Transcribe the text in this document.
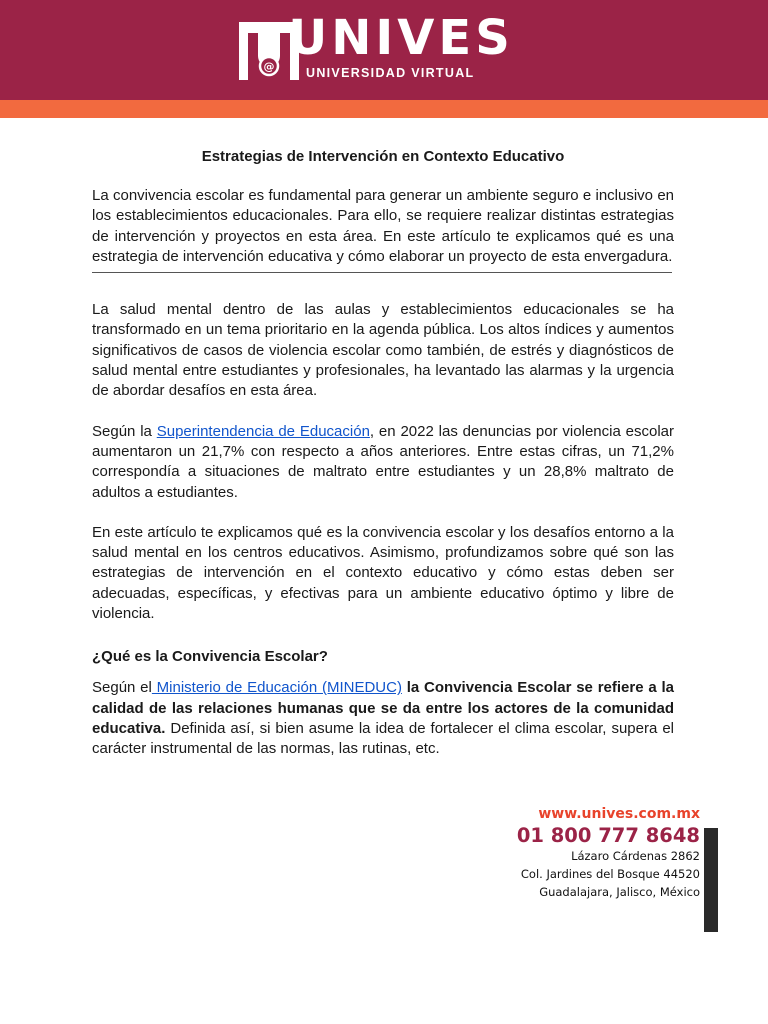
@
UNIVES
UNIVERSIDAD VIRTUAL
Estrategias de Intervención en Contexto Educativo

La convivencia escolar es fundamental para generar un ambiente seguro e inclusivo en los establecimientos educacionales. Para ello, se requiere realizar distintas estrategias de intervención y proyectos en esta área. En este artículo te explicamos qué es una estrategia de intervención educativa y cómo elaborar un proyecto de esta envergadura.

La salud mental dentro de las aulas y establecimientos educacionales se ha transformado en un tema prioritario en la agenda pública. Los altos índices y aumentos significativos de casos de violencia escolar como también, de estrés y diagnósticos de salud mental entre estudiantes y profesionales, ha levantado las alarmas y la urgencia de abordar desafíos en esta área.

Según la Superintendencia de Educación, en 2022 las denuncias por violencia escolar aumentaron un 21,7% con respecto a años anteriores. Entre estas cifras, un 71,2% correspondía a situaciones de maltrato entre estudiantes y un 28,8% maltrato de adultos a estudiantes.

En este artículo te explicamos qué es la convivencia escolar y los desafíos entorno a la salud mental en los centros educativos. Asimismo, profundizamos sobre qué son las estrategias de intervención en el contexto educativo y cómo estas deben ser adecuadas, específicas, y efectivas para un ambiente educativo óptimo y libre de violencia.

¿Qué es la Convivencia Escolar?

Según el Ministerio de Educación (MINEDUC) la Convivencia Escolar se refiere a la calidad de las relaciones humanas que se da entre los actores de la comunidad educativa. Definida así, si bien asume la idea de fortalecer el clima escolar, supera el carácter instrumental de las normas, las rutinas, etc.

www.unives.com.mx
01 800 777 8648
Lázaro Cárdenas 2862
Col. Jardines del Bosque 44520
Guadalajara, Jalisco, México
